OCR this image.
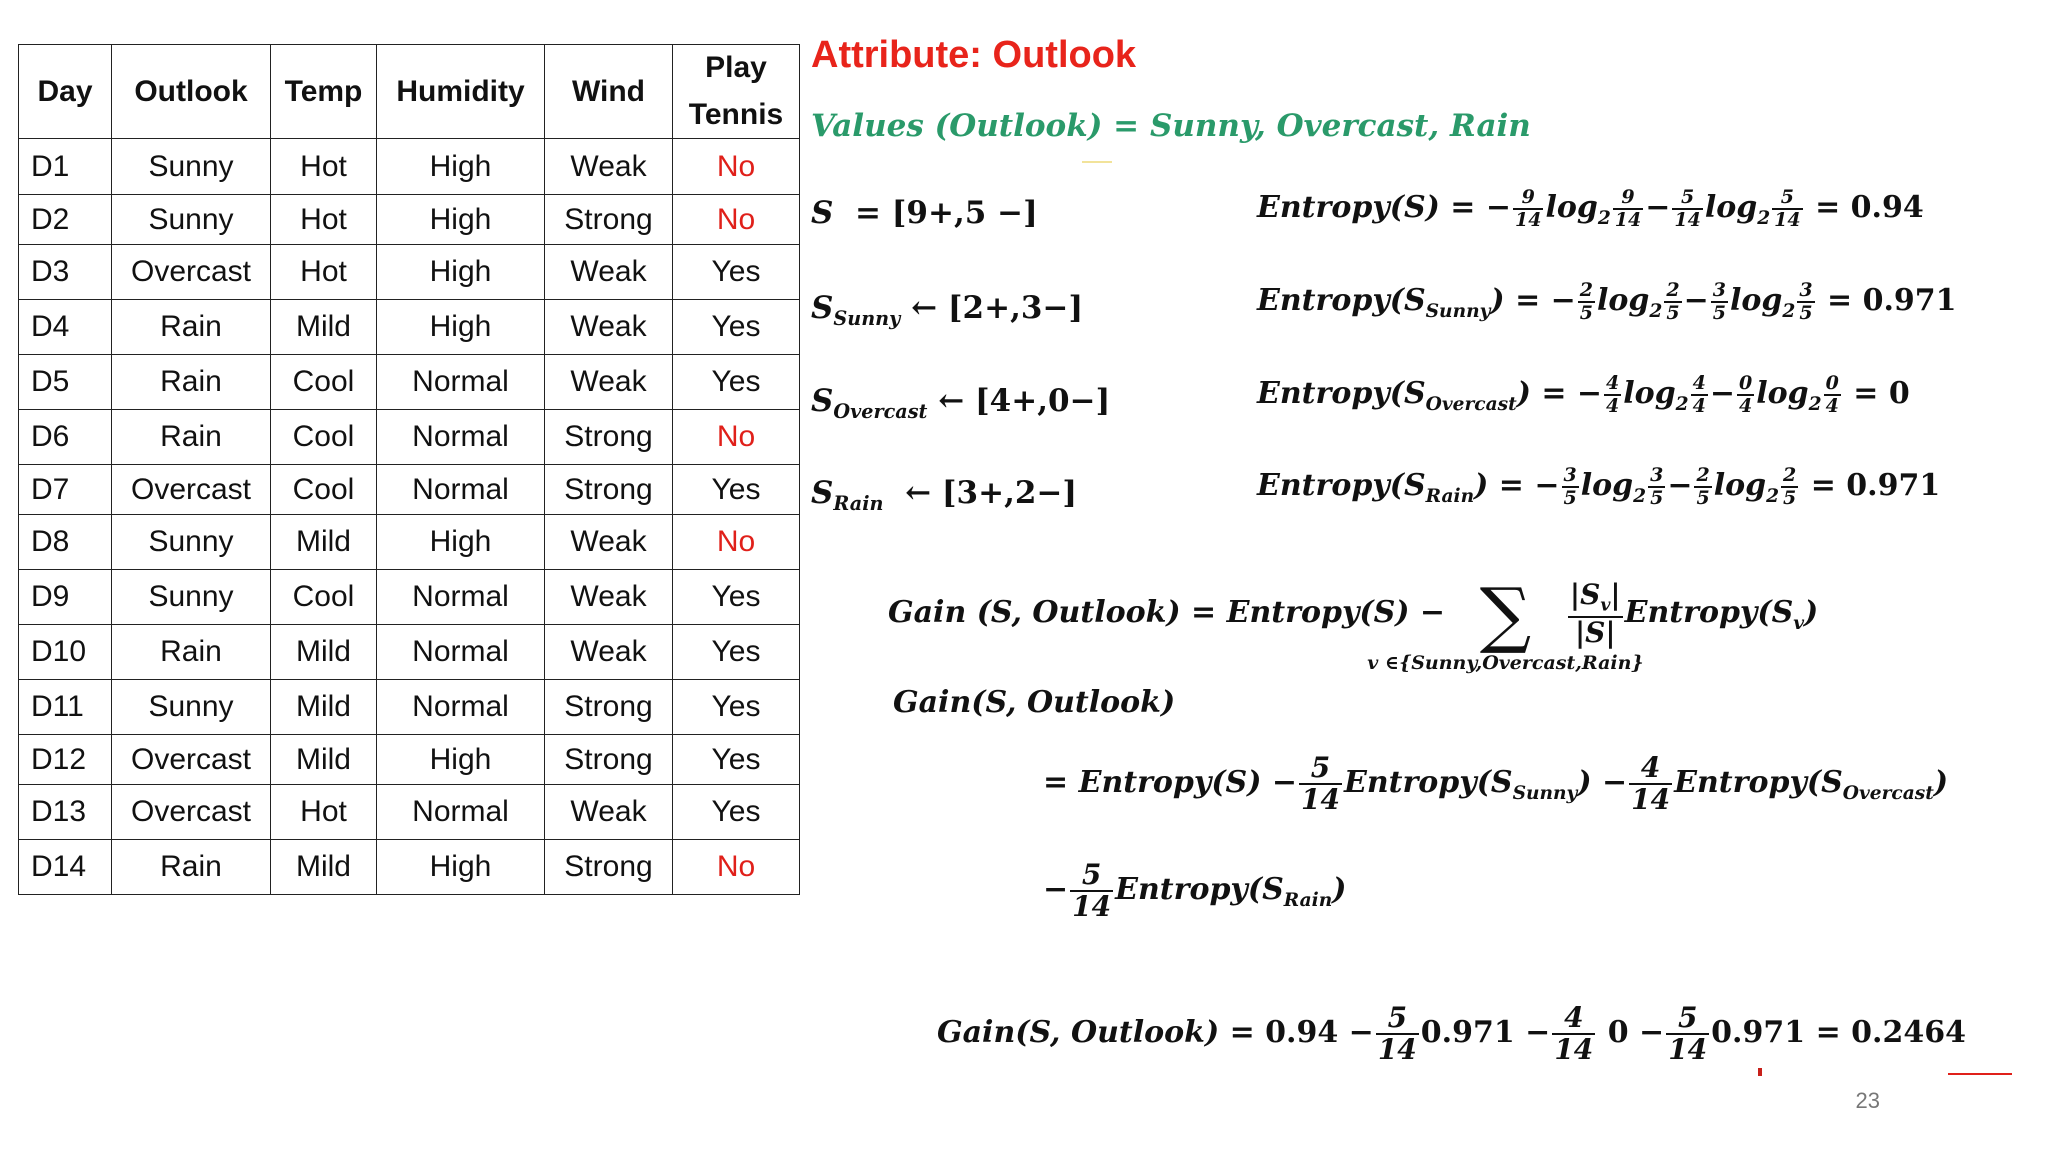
Day	Outlook	Temp	Humidity	Wind	Play Tennis
D1	Sunny	Hot	High	Weak	No
D2	Sunny	Hot	High	Strong	No
D3	Overcast	Hot	High	Weak	Yes
D4	Rain	Mild	High	Weak	Yes
D5	Rain	Cool	Normal	Weak	Yes
D6	Rain	Cool	Normal	Strong	No
D7	Overcast	Cool	Normal	Strong	Yes
D8	Sunny	Mild	High	Weak	No
D9	Sunny	Cool	Normal	Weak	Yes
D10	Rain	Mild	Normal	Weak	Yes
D11	Sunny	Mild	Normal	Strong	Yes
D12	Overcast	Mild	High	Strong	Yes
D13	Overcast	Hot	Normal	Weak	Yes
D14	Rain	Mild	High	Strong	No
Attribute: Outlook
Values (Outlook) = Sunny, Overcast, Rain
S  = [9+,5 −]
$S_{Sunny}$ ← [2+,3−]
$S_{Overcast}$ ← [4+,0−]
$S_{Rain}$  ← [3+,2−]
Entropy(S) = − $\frac{9}{14} \log_2 \frac{9}{14} - \frac{5}{14} \log_2 \frac{5}{14} = 0.94$
$Entropy(S_{Sunny})$ = − $\frac{2}{5} \log_2 \frac{2}{5} - \frac{3}{5} \log_2 \frac{3}{5} = 0.971$
$Entropy(S_{Overcast})$ = − $\frac{4}{4} \log_2 \frac{4}{4} - \frac{0}{4} \log_2 \frac{0}{4} = 0$
$Entropy(S_{Rain})$ = − $\frac{3}{5} \log_2 \frac{3}{5} - \frac{2}{5} \log_2 \frac{2}{5} = 0.971$
Gain (S, Outlook) = Entropy(S) − ∑
v ∈{Sunny,Overcast,Rain}

$\frac{|S_v|}{|S|}$ $Entropy(S_v)$
Gain(S, Outlook)
= Entropy(S) − $\frac{5}{14}$ $Entropy(S_{Sunny}) - \frac{4}{14}$ $Entropy(S_{Overcast})$
− $\frac{5}{14}$ $Entropy(S_{Rain})$
Gain(S, Outlook) = $0.94 - \frac{5}{14} 0.971 - \frac{4}{14} 0 - \frac{5}{14} 0.971 = 0.2464$
23
